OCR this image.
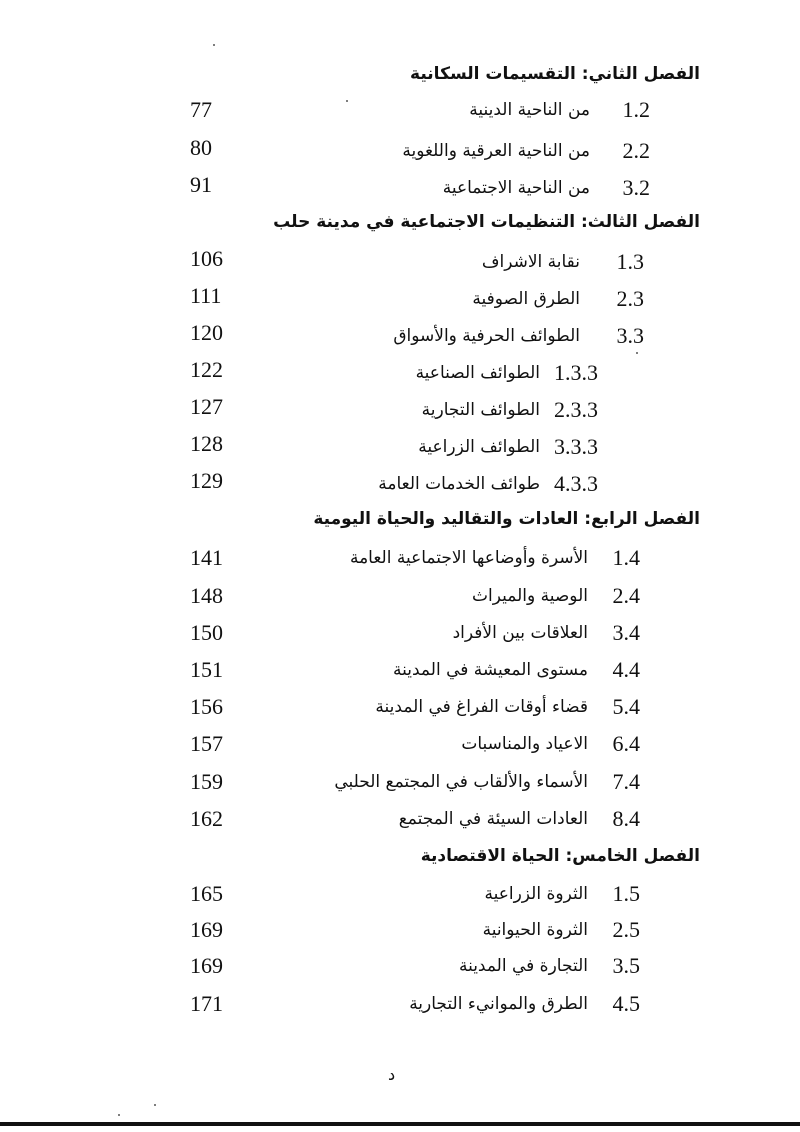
الفصل الثاني: التقسيمات السكانية
1.2
من الناحية الدينية
77
2.2
من الناحية العرقية واللغوية
80
3.2
من الناحية الاجتماعية
91
الفصل الثالث: التنظيمات الاجتماعية في مدينة حلب
1.3
نقابة الاشراف
106
2.3
الطرق الصوفية
111
3.3
الطوائف الحرفية والأسواق
120
1.3.3
الطوائف الصناعية
122
2.3.3
الطوائف التجارية
127
3.3.3
الطوائف الزراعية
128
4.3.3
طوائف الخدمات العامة
129
الفصل الرابع: العادات والتقاليد والحياة اليومية
1.4
الأسرة وأوضاعها الاجتماعية العامة
141
2.4
الوصية والميراث
148
3.4
العلاقات بين الأفراد
150
4.4
مستوى المعيشة في المدينة
151
5.4
قضاء أوقات الفراغ في المدينة
156
6.4
الاعياد والمناسبات
157
7.4
الأسماء والألقاب في المجتمع الحلبي
159
8.4
العادات السيئة في المجتمع
162
الفصل الخامس: الحياة الاقتصادية
1.5
الثروة الزراعية
165
2.5
الثروة الحيوانية
169
3.5
التجارة في المدينة
169
4.5
الطرق والموانيء التجارية
171
د
